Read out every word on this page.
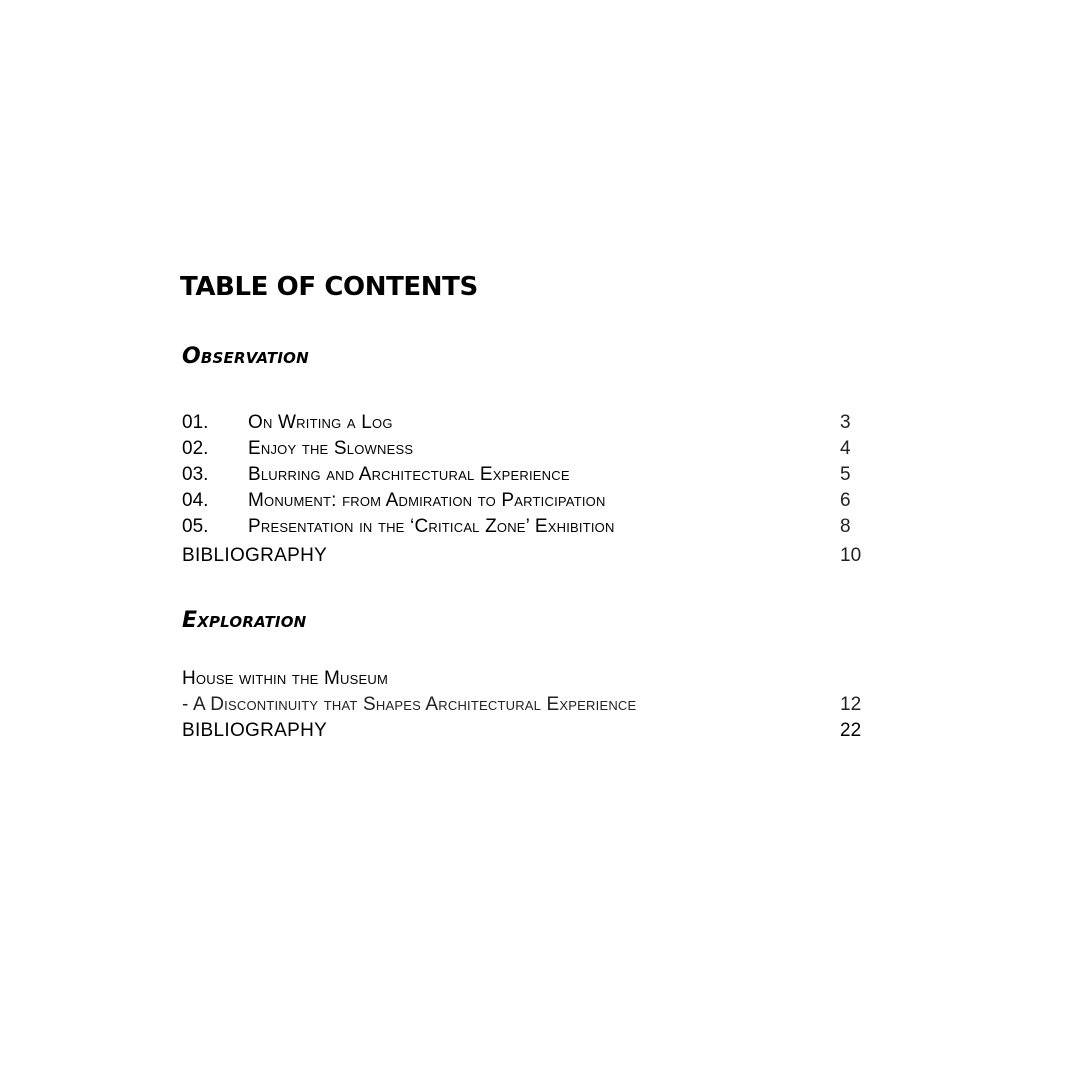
TABLE OF CONTENTS
Observation
01. On Writing a Log	3
02. Enjoy the Slowness	4
03. Blurring and Architectural Experience	5
04. Monument: from Admiration to Participation	6
05. Presentation in the ‘Critical Zone’ Exhibition	8
BIBLIOGRAPHY	10
Exploration
House within the Museum
- A Discontinuity that Shapes Architectural Experience	12
BIBLIOGRAPHY	22
